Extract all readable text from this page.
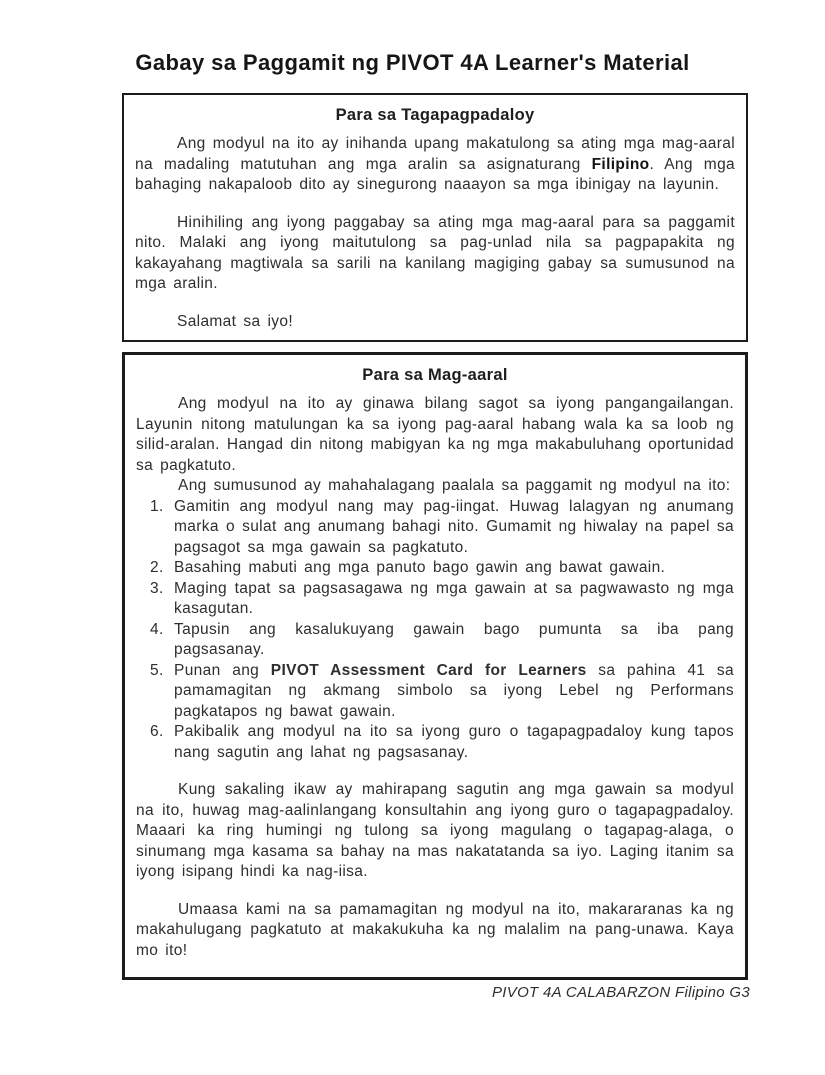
Gabay sa Paggamit ng PIVOT 4A Learner's Material
Para sa Tagapagpadaloy

Ang modyul na ito ay inihanda upang makatulong sa ating mga mag-aaral na madaling matutuhan ang mga aralin sa asignaturang Filipino. Ang mga bahaging nakapaloob dito ay sinegurong naaayon sa mga ibinigay na layunin.

Hinihiling ang iyong paggabay sa ating mga mag-aaral para sa paggamit nito. Malaki ang iyong maitutulong sa pag-unlad nila sa pagpapakita ng kakayahang magtiwala sa sarili na kanilang magiging gabay sa sumusunod na mga aralin.

Salamat sa iyo!

Para sa Mag-aaral

Ang modyul na ito ay ginawa bilang sagot sa iyong pangangailangan. Layunin nitong matulungan ka sa iyong pag-aaral habang wala ka sa loob ng silid-aralan. Hangad din nitong mabigyan ka ng mga makabuluhang oportunidad sa pagkatuto.

Ang sumusunod ay mahahalagang paalala sa paggamit ng modyul na ito:

1. Gamitin ang modyul nang may pag-iingat. Huwag lalagyan ng anumang marka o sulat ang anumang bahagi nito. Gumamit ng hiwalay na papel sa pagsagot sa mga gawain sa pagkatuto.
2. Basahing mabuti ang mga panuto bago gawin ang bawat gawain.
3. Maging tapat sa pagsasagawa ng mga gawain at sa pagwawasto ng mga kasagutan.
4. Tapusin ang kasalukuyang gawain bago pumunta sa iba pang pagsasanay.
5. Punan ang PIVOT Assessment Card for Learners sa pahina 41 sa pamamagitan ng akmang simbolo sa iyong Lebel ng Performans pagkatapos ng bawat gawain.
6. Pakibalik ang modyul na ito sa iyong guro o tagapagpadaloy kung tapos nang sagutin ang lahat ng pagsasanay.

Kung sakaling ikaw ay mahirapang sagutin ang mga gawain sa modyul na ito, huwag mag-aalinlangang konsultahin ang iyong guro o tagapagpadaloy. Maaari ka ring humingi ng tulong sa iyong magulang o tagapag-alaga, o sinumang mga kasama sa bahay na mas nakatatanda sa iyo. Laging itanim sa iyong isipang hindi ka nag-iisa.

Umaasa kami na sa pamamagitan ng modyul na ito, makararanas ka ng makahulugang pagkatuto at makakukuha ka ng malalim na pang-unawa. Kaya mo ito!

PIVOT 4A CALABARZON Filipino G3
